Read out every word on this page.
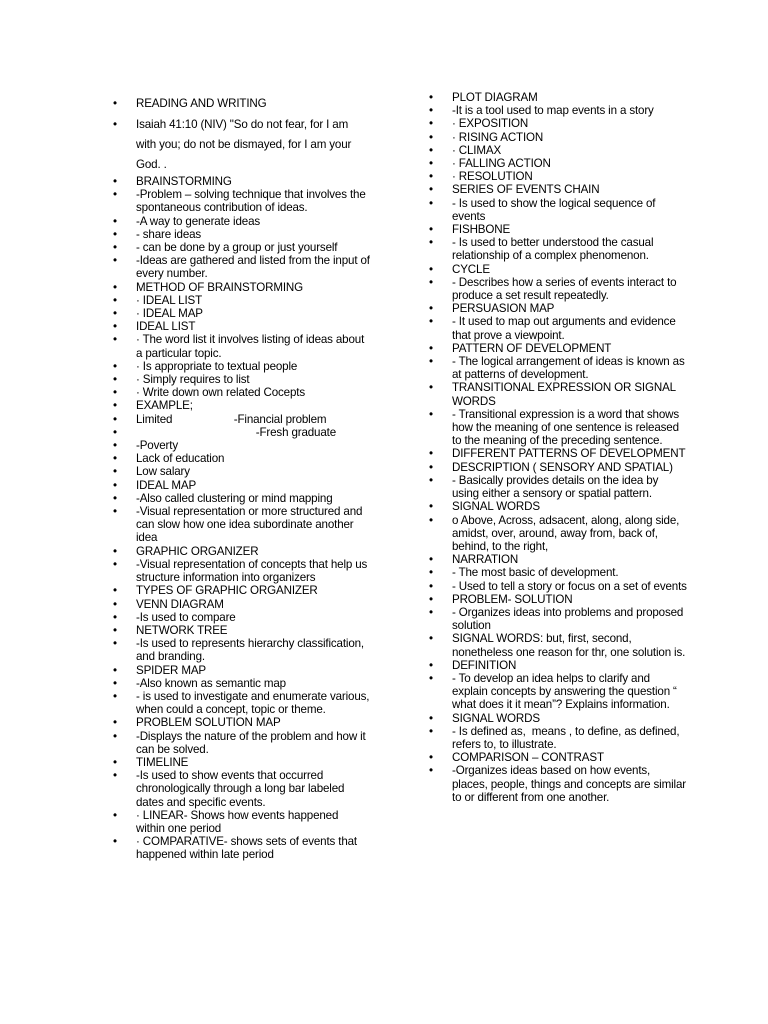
• READING AND WRITING
• Isaiah 41:10 (NIV) "So do not fear, for I am with you; do not be dismayed, for I am your God. .
• BRAINSTORMING
• -Problem – solving technique that involves the spontaneous contribution of ideas.
• -A way to generate ideas
• - share ideas
• - can be done by a group or just yourself
• -Ideas are gathered and listed from the input of every number.
• METHOD OF BRAINSTORMING
• · IDEAL LIST
• · IDEAL MAP
• IDEAL LIST
• · The word list it involves listing of ideas about a particular topic.
• · Is appropriate to textual people
• · Simply requires to list
• · Write down own related Cocepts
• EXAMPLE;
• Limited                    -Financial problem
• -Fresh graduate
• -Poverty
• Lack of education
• Low salary
• IDEAL MAP
• -Also called clustering or mind mapping
• -Visual representation or more structured and can slow how one idea subordinate another idea
• GRAPHIC ORGANIZER
• -Visual representation of concepts that help us structure information into organizers
• TYPES OF GRAPHIC ORGANIZER
• VENN DIAGRAM
• -Is used to compare
• NETWORK TREE
• -Is used to represents hierarchy classification, and branding.
• SPIDER MAP
• -Also known as semantic map
• - is used to investigate and enumerate various, when could a concept, topic or theme.
• PROBLEM SOLUTION MAP
• -Displays the nature of the problem and how it can be solved.
• TIMELINE
• -Is used to show events that occurred chronologically through a long bar labeled dates and specific events.
• · LINEAR- Shows how events happened within one period
• · COMPARATIVE- shows sets of events that happened within late period
• PLOT DIAGRAM
• -It is a tool used to map events in a story
• · EXPOSITION
• · RISING ACTION
• · CLIMAX
• · FALLING ACTION
• · RESOLUTION
• SERIES OF EVENTS CHAIN
• - Is used to show the logical sequence of events
• FISHBONE
• - Is used to better understood the casual relationship of a complex phenomenon.
• CYCLE
• - Describes how a series of events interact to produce a set result repeatedly.
• PERSUASION MAP
• - It used to map out arguments and evidence that prove a viewpoint.
• PATTERN OF DEVELOPMENT
• - The logical arrangement of ideas is known as at patterns of development.
• TRANSITIONAL EXPRESSION OR SIGNAL WORDS
• - Transitional expression is a word that shows how the meaning of one sentence is released to the meaning of the preceding sentence.
• DIFFERENT PATTERNS OF DEVELOPMENT
• DESCRIPTION ( SENSORY AND SPATIAL)
• - Basically provides details on the idea by using either a sensory or spatial pattern.
• SIGNAL WORDS
• o Above, Across, adsacent, along, along side, amidst, over, around, away from, back of, behind, to the right,
• NARRATION
• - The most basic of development.
• - Used to tell a story or focus on a set of events
• PROBLEM- SOLUTION
• - Organizes ideas into problems and proposed solution
• SIGNAL WORDS: but, first, second, nonetheless one reason for thr, one solution is.
• DEFINITION
• - To develop an idea helps to clarify and explain concepts by answering the question “ what does it it mean”? Explains information.
• SIGNAL WORDS
• - Is defined as,  means , to define, as defined, refers to, to illustrate.
• COMPARISON – CONTRAST
• -Organizes ideas based on how events, places, people, things and concepts are similar to or different from one another.
